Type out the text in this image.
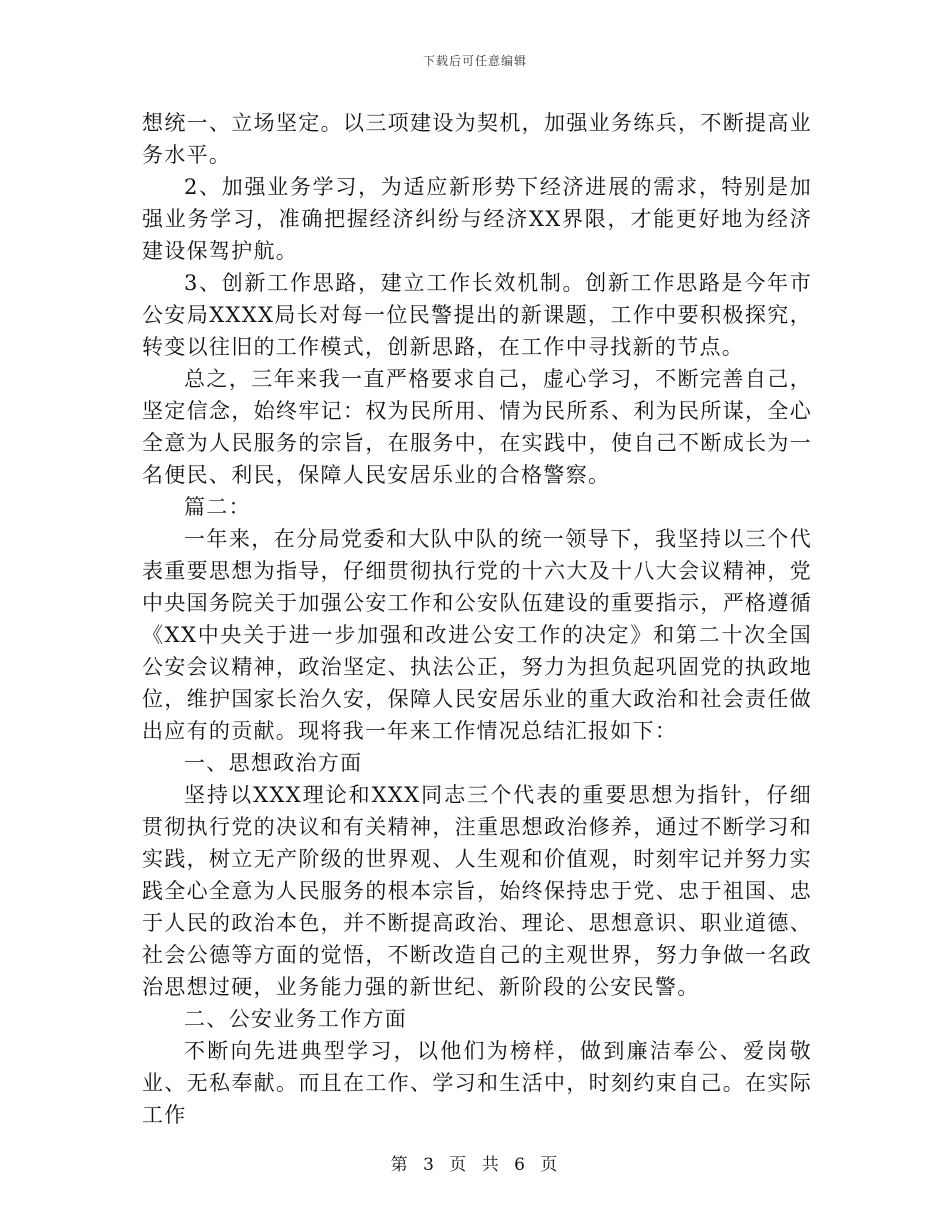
下载后可任意编辑

想统一、立场坚定。以三项建设为契机，加强业务练兵，不断提高业务水平。

2、加强业务学习，为适应新形势下经济进展的需求，特别是加强业务学习，准确把握经济纠纷与经济XX界限，才能更好地为经济建设保驾护航。

3、创新工作思路，建立工作长效机制。创新工作思路是今年市公安局XXXX局长对每一位民警提出的新课题，工作中要积极探究，转变以往旧的工作模式，创新思路，在工作中寻找新的节点。

总之，三年来我一直严格要求自己，虚心学习，不断完善自己，坚定信念，始终牢记：权为民所用、情为民所系、利为民所谋，全心全意为人民服务的宗旨，在服务中，在实践中，使自己不断成长为一名便民、利民，保障人民安居乐业的合格警察。

篇二：

一年来，在分局党委和大队中队的统一领导下，我坚持以三个代表重要思想为指导，仔细贯彻执行党的十六大及十八大会议精神，党中央国务院关于加强公安工作和公安队伍建设的重要指示，严格遵循《XX中央关于进一步加强和改进公安工作的决定》和第二十次全国公安会议精神，政治坚定、执法公正，努力为担负起巩固党的执政地位，维护国家长治久安，保障人民安居乐业的重大政治和社会责任做出应有的贡献。现将我一年来工作情况总结汇报如下：

一、思想政治方面

坚持以XXX理论和XXX同志三个代表的重要思想为指针，仔细贯彻执行党的决议和有关精神，注重思想政治修养，通过不断学习和实践，树立无产阶级的世界观、人生观和价值观，时刻牢记并努力实践全心全意为人民服务的根本宗旨，始终保持忠于党、忠于祖国、忠于人民的政治本色，并不断提高政治、理论、思想意识、职业道德、社会公德等方面的觉悟，不断改造自己的主观世界，努力争做一名政治思想过硬，业务能力强的新世纪、新阶段的公安民警。

二、公安业务工作方面

不断向先进典型学习，以他们为榜样，做到廉洁奉公、爱岗敬业、无私奉献。而且在工作、学习和生活中，时刻约束自己。在实际工作

第 3 页 共 6 页
